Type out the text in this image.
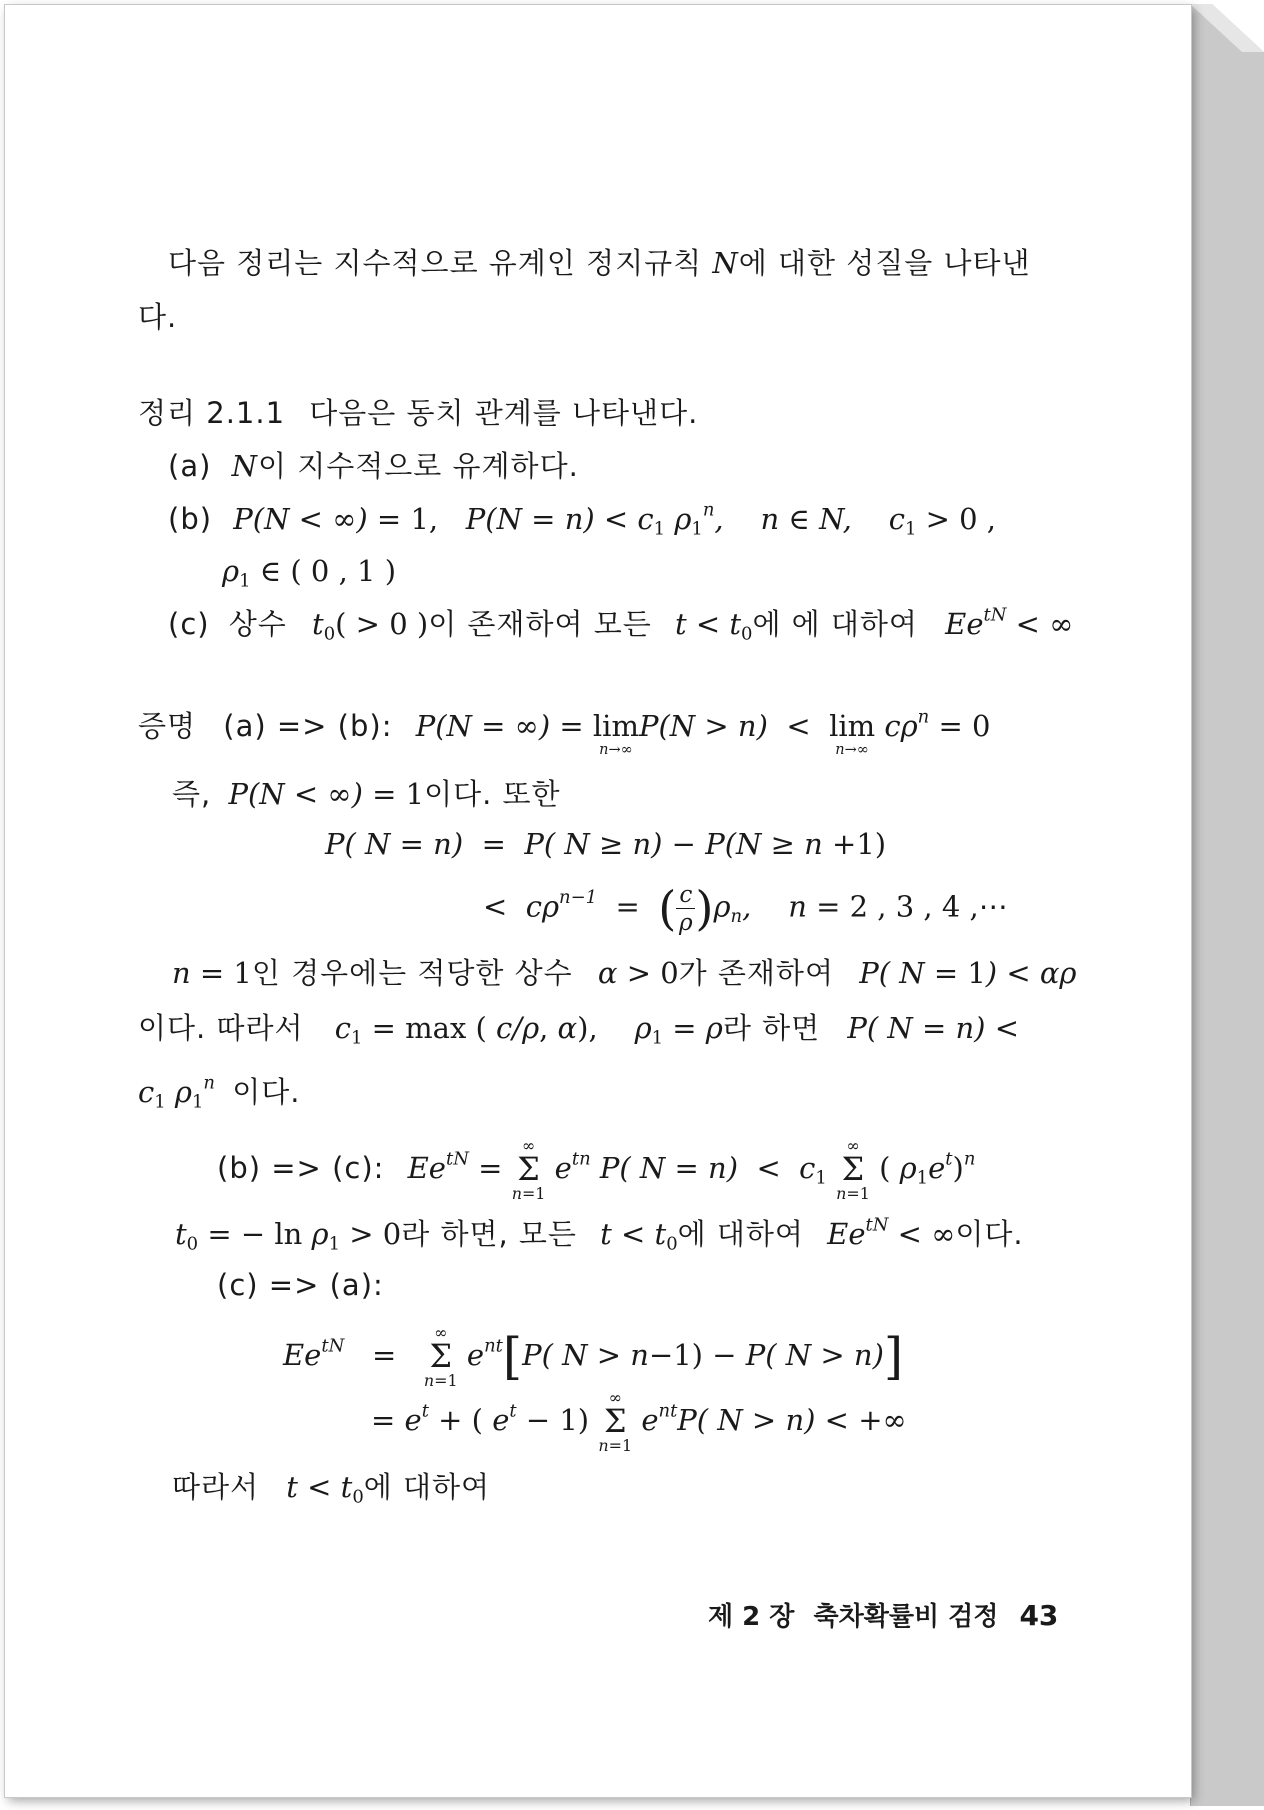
다음 정리는 지수적으로 유계인 정지규칙 N에 대한 성질을 나타낸
다.
정리 2.1.1 다음은 동치 관계를 나타낸다.
(a) N이 지수적으로 유계하다.
(b) P(N < ∞) = 1,   $P(N = n) < c_1$ $\rho_1^n$,    n ∈ N,    $c_1 > 0$ ,
$\rho_1$ ∈ ( 0 , 1 )
(c) 상수 $t_0( > 0$ )이 존재하여 모든 $t < t_0$에 에 대하여 $Ee^{tN}$ < ∞
증명 (a) => (b): P(N = ∞) = lim
n→∞
P(N > n)  < lim
n→∞
$c\rho^n = 0$
즉, P(N < ∞) = 1이다. 또한
P( N = n)  =  P( N ≥ n) − P(N ≥ n +1)
<  $c\rho^{n-1}$  =  ( $\frac{c}{\rho} )\rho_n$,    n = 2 , 3 , 4 ,⋯
n = 1인 경우에는 적당한 상수 α > 0가 존재하여 P( N = 1) < αρ
이다. 따라서 $c_1 = \max$ ( c/ρ, α),    $\rho_1 = \rho$라 하면 P( N = n) <
$c_1$ $\rho_1^n$ 이다.
(b) => (c): $Ee^{tN}$ =
∞
Σ
n=1
$e^{tn}$ P( $N = n) < c_1$
∞
Σ
n=1
( $\rho_1e^t)^n$
$t_0$ = − $\ln \rho_1 > 0$라 하면, 모든 $t < t_0$에 대하여 $Ee^{tN}$ < ∞이다.
(c) => (a):
$Ee^{tN}$   =
∞
Σ
n=1
$e^{nt}[P$( N > n−1) − P( N > n)]
= $e^t$ + ( $e^t - 1$)
∞
Σ
n=1
$e^{nt}P$( N > n) < +∞
따라서 $t < t_0$에 대하여
제 2 장 축차확률비 검정 43
